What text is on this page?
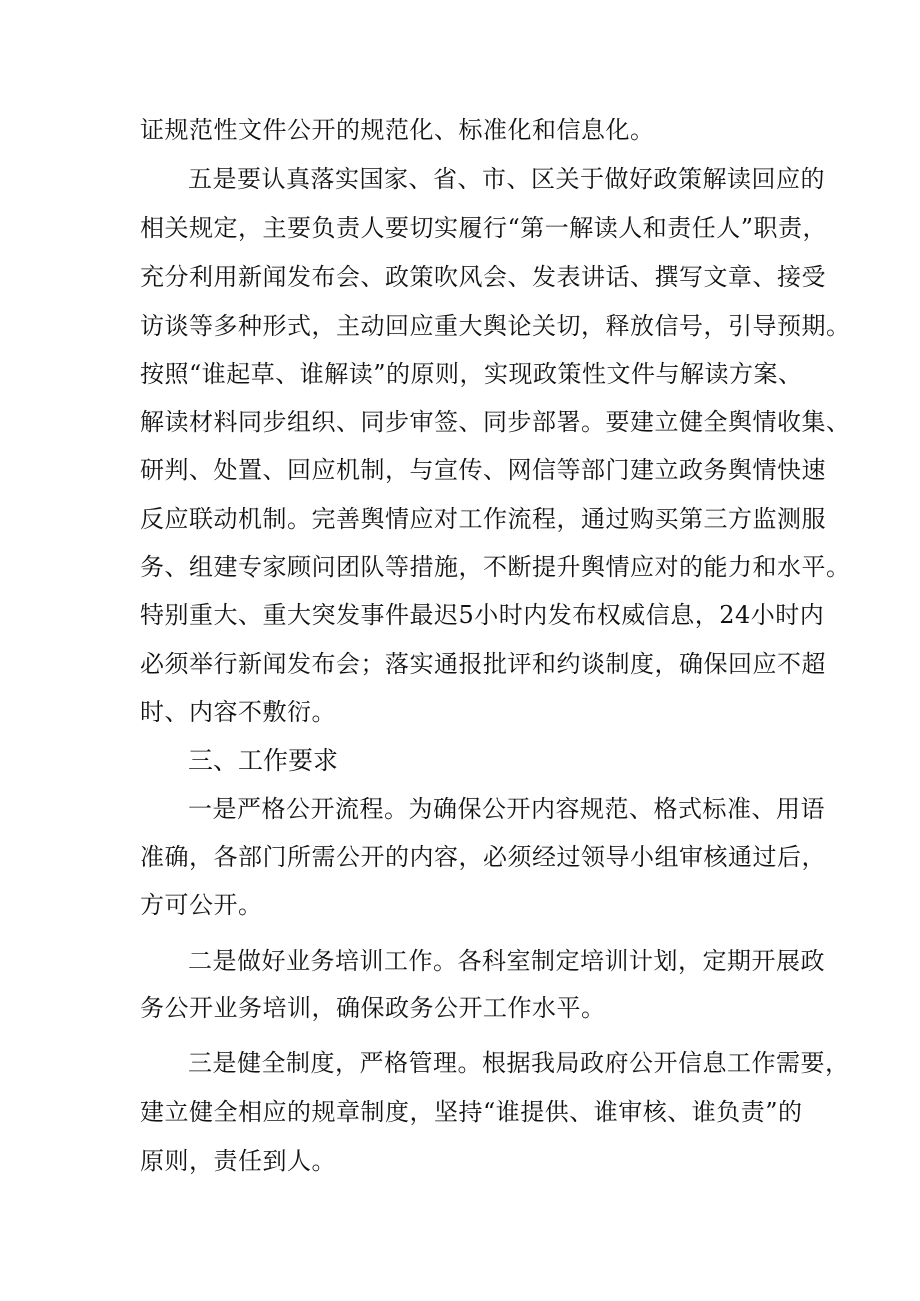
证规范性文件公开的规范化、标准化和信息化。
五是要认真落实国家、省、市、区关于做好政策解读回应的
相关规定，主要负责人要切实履行“第一解读人和责任人”职责，
充分利用新闻发布会、政策吹风会、发表讲话、撰写文章、接受
访谈等多种形式，主动回应重大舆论关切，释放信号，引导预期。
按照“谁起草、谁解读”的原则，实现政策性文件与解读方案、
解读材料同步组织、同步审签、同步部署。要建立健全舆情收集、
研判、处置、回应机制，与宣传、网信等部门建立政务舆情快速
反应联动机制。完善舆情应对工作流程，通过购买第三方监测服
务、组建专家顾问团队等措施，不断提升舆情应对的能力和水平。
特别重大、重大突发事件最迟5小时内发布权威信息，24小时内
必须举行新闻发布会；落实通报批评和约谈制度，确保回应不超
时、内容不敷衍。
三、工作要求
一是严格公开流程。为确保公开内容规范、格式标准、用语
准确，各部门所需公开的内容，必须经过领导小组审核通过后，
方可公开。
二是做好业务培训工作。各科室制定培训计划，定期开展政
务公开业务培训，确保政务公开工作水平。
三是健全制度，严格管理。根据我局政府公开信息工作需要，
建立健全相应的规章制度，坚持“谁提供、谁审核、谁负责”的
原则，责任到人。
